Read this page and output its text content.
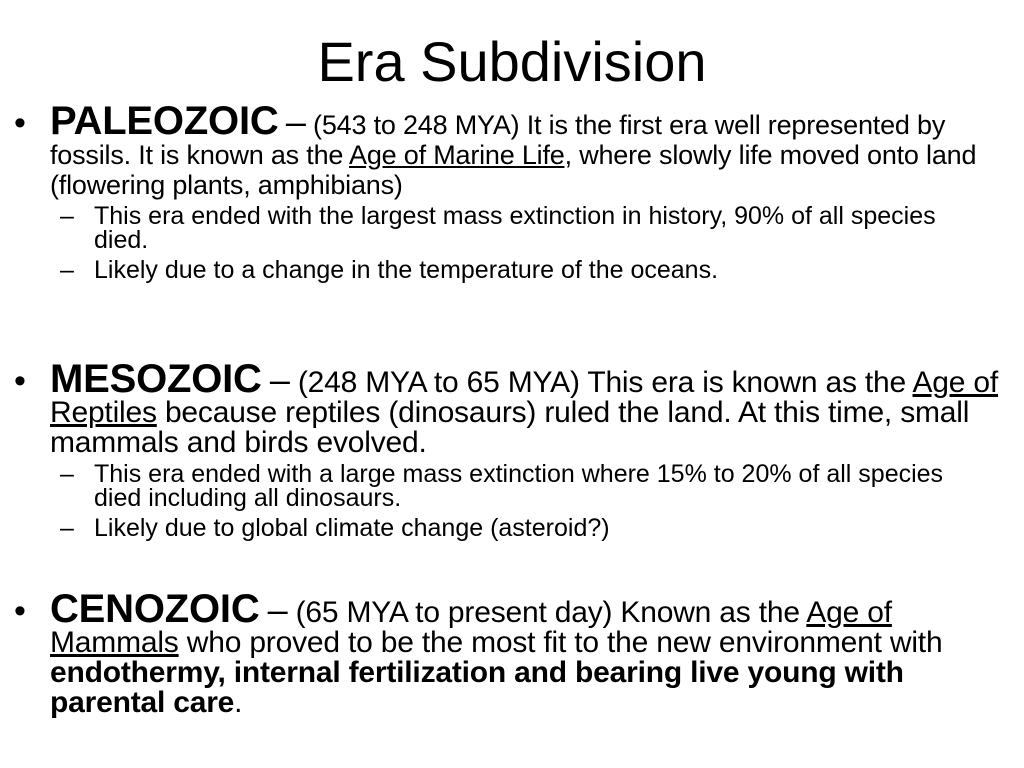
Era Subdivision
• PALEOZOIC – (543 to 248 MYA) It is the first era well represented by fossils. It is known as the Age of Marine Life, where slowly life moved onto land (flowering plants, amphibians)
– This era ended with the largest mass extinction in history, 90% of all species died.
– Likely due to a change in the temperature of the oceans.
• MESOZOIC – (248 MYA to 65 MYA) This era is known as the Age of Reptiles because reptiles (dinosaurs) ruled the land. At this time, small mammals and birds evolved.
– This era ended with a large mass extinction where 15% to 20% of all species died including all dinosaurs.
– Likely due to global climate change (asteroid?)
• CENOZOIC – (65 MYA to present day) Known as the Age of Mammals who proved to be the most fit to the new environment with endothermy, internal fertilization and bearing live young with parental care.
